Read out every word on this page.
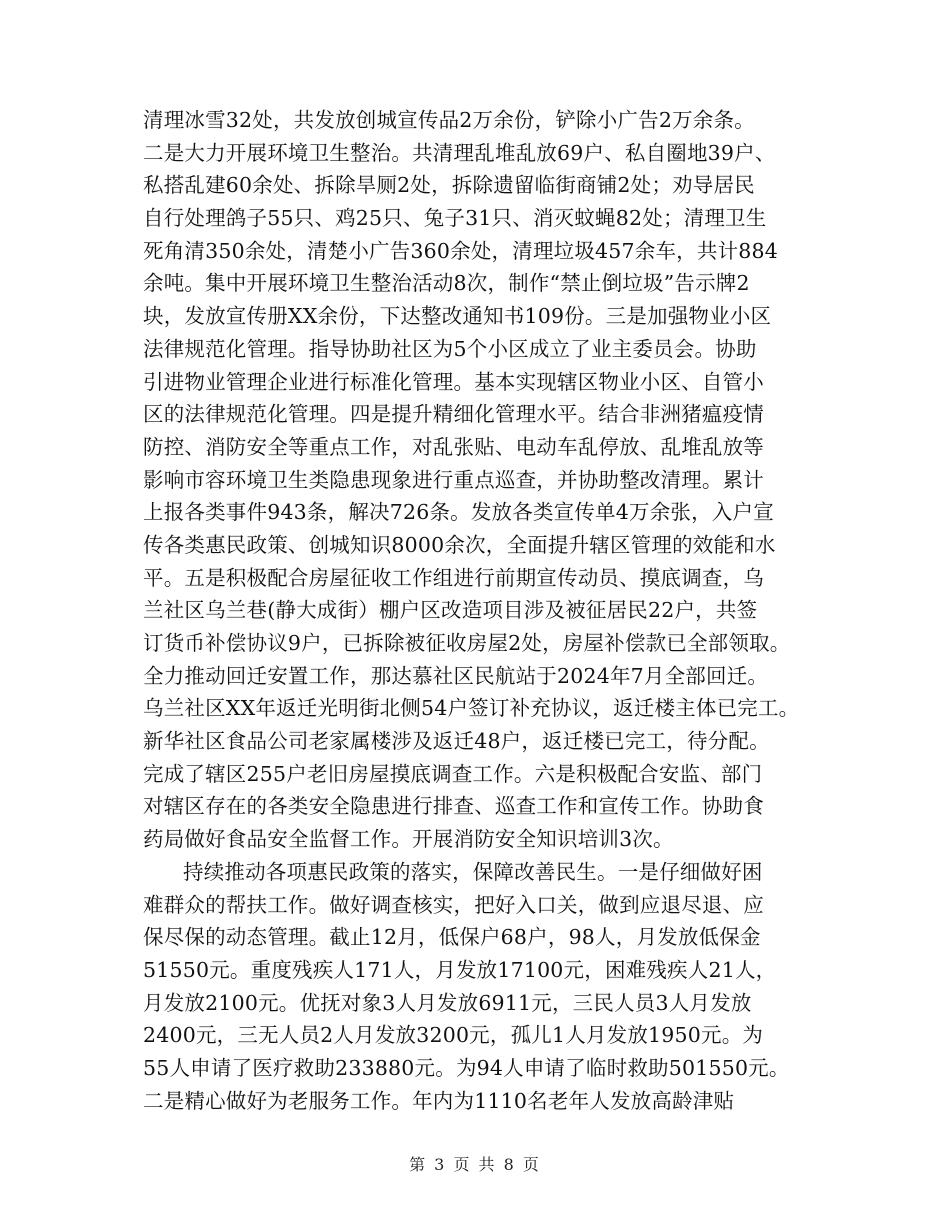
清理冰雪32处，共发放创城宣传品2万余份，铲除小广告2万余条。
二是大力开展环境卫生整治。共清理乱堆乱放69户、私自圈地39户、
私搭乱建60余处、拆除旱厕2处，拆除遗留临街商铺2处；劝导居民
自行处理鸽子55只、鸡25只、兔子31只、消灭蚊蝇82处；清理卫生
死角清350余处，清楚小广告360余处，清理垃圾457余车，共计884
余吨。集中开展环境卫生整治活动8次，制作“禁止倒垃圾”告示牌2
块，发放宣传册XX余份，下达整改通知书109份。三是加强物业小区
法律规范化管理。指导协助社区为5个小区成立了业主委员会。协助
引进物业管理企业进行标准化管理。基本实现辖区物业小区、自管小
区的法律规范化管理。四是提升精细化管理水平。结合非洲猪瘟疫情
防控、消防安全等重点工作，对乱张贴、电动车乱停放、乱堆乱放等
影响市容环境卫生类隐患现象进行重点巡查，并协助整改清理。累计
上报各类事件943条，解决726条。发放各类宣传单4万余张，入户宣
传各类惠民政策、创城知识8000余次，全面提升辖区管理的效能和水
平。五是积极配合房屋征收工作组进行前期宣传动员、摸底调查，乌
兰社区乌兰巷(静大成街）棚户区改造项目涉及被征居民22户，共签
订货币补偿协议9户，已拆除被征收房屋2处，房屋补偿款已全部领取。
全力推动回迁安置工作，那达慕社区民航站于2024年7月全部回迁。
乌兰社区XX年返迁光明街北侧54户签订补充协议，返迁楼主体已完工。
新华社区食品公司老家属楼涉及返迁48户，返迁楼已完工，待分配。
完成了辖区255户老旧房屋摸底调查工作。六是积极配合安监、部门
对辖区存在的各类安全隐患进行排查、巡查工作和宣传工作。协助食
药局做好食品安全监督工作。开展消防安全知识培训3次。
持续推动各项惠民政策的落实，保障改善民生。一是仔细做好困
难群众的帮扶工作。做好调查核实，把好入口关，做到应退尽退、应
保尽保的动态管理。截止12月，低保户68户，98人，月发放低保金
51550元。重度残疾人171人，月发放17100元，困难残疾人21人，
月发放2100元。优抚对象3人月发放6911元，三民人员3人月发放
2400元，三无人员2人月发放3200元，孤儿1人月发放1950元。为
55人申请了医疗救助233880元。为94人申请了临时救助501550元。
二是精心做好为老服务工作。年内为1110名老年人发放高龄津贴
第 3 页 共 8 页
